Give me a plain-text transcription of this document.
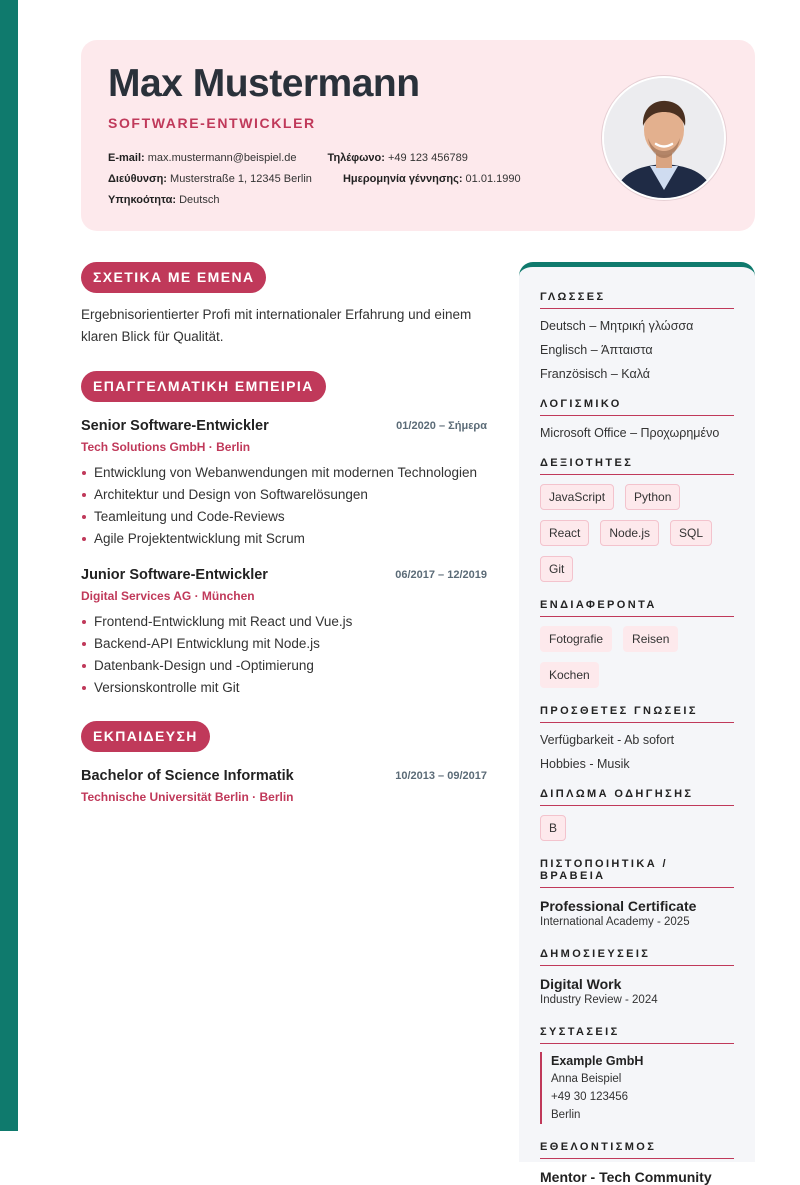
Max Mustermann
SOFTWARE-ENTWICKLER
E-mail: max.mustermann@beispiel.de	Τηλέφωνο: +49 123 456789
Διεύθυνση: Musterstraße 1, 12345 Berlin	Ημερομηνία γέννησης: 01.01.1990
Υπηκοότητα: Deutsch
ΣΧΕΤΙΚΑ ΜΕ ΕΜΕΝΑ

Ergebnisorientierter Profi mit internationaler Erfahrung und einem klaren Blick für Qualität.

ΕΠΑΓΓΕΛΜΑΤΙΚΗ ΕΜΠΕΙΡΙΑ
Senior Software-Entwickler	01/2020 – Σήμερα
Tech Solutions GmbH · Berlin
Entwicklung von Webanwendungen mit modernen Technologien
Architektur und Design von Softwarelösungen
Teamleitung und Code-Reviews
Agile Projektentwicklung mit Scrum
Junior Software-Entwickler	06/2017 – 12/2019
Digital Services AG · München
Frontend-Entwicklung mit React und Vue.js
Backend-API Entwicklung mit Node.js
Datenbank-Design und -Optimierung
Versionskontrolle mit Git
ΕΚΠΑΙΔΕΥΣΗ
Bachelor of Science Informatik	10/2013 – 09/2017
Technische Universität Berlin · Berlin
ΓΛΩΣΣΕΣ
Deutsch – Μητρική γλώσσα
Englisch – Άπταιστα
Französisch – Καλά
ΛΟΓΙΣΜΙΚΟ
Microsoft Office – Προχωρημένο
ΔΕΞΙΟΤΗΤΕΣ
JavaScript	Python
React	Node.js	SQL
Git
ΕΝΔΙΑΦΕΡΟΝΤΑ
Fotografie	Reisen
Kochen
ΠΡΟΣΘΕΤΕΣ ΓΝΩΣΕΙΣ
Verfügbarkeit - Ab sofort
Hobbies - Musik
ΔΙΠΛΩΜΑ ΟΔΗΓΗΣΗΣ
B
ΠΙΣΤΟΠΟΙΗΤΙΚΑ / ΒΡΑΒΕΙΑ
Professional Certificate
International Academy - 2025
ΔΗΜΟΣΙΕΥΣΕΙΣ
Digital Work
Industry Review - 2024
ΣΥΣΤΑΣΕΙΣ
Example GmbH
Anna Beispiel
+49 30 123456
Berlin
ΕΘΕΛΟΝΤΙΣΜΟΣ
Mentor - Tech Community
